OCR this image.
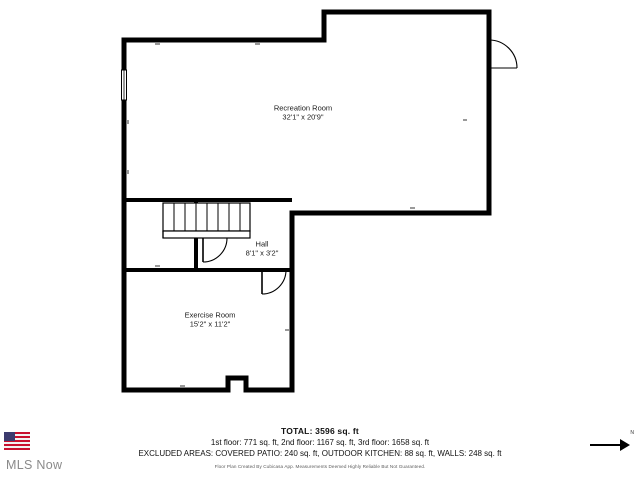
Recreation Room
32'1" x 20'9"
Hall
8'1" x 3'2"
Exercise Room
15'2" x 11'2"
TOTAL: 3596 sq. ft
1st floor: 771 sq. ft, 2nd floor: 1167 sq. ft, 3rd floor: 1658 sq. ft
EXCLUDED AREAS: COVERED PATIO: 240 sq. ft, OUTDOOR KITCHEN: 88 sq. ft, WALLS: 248 sq. ft
Floor Plan Created By Cubicasa App. Measurements Deemed Highly Reliable But Not Guaranteed.
MLS Now
N
